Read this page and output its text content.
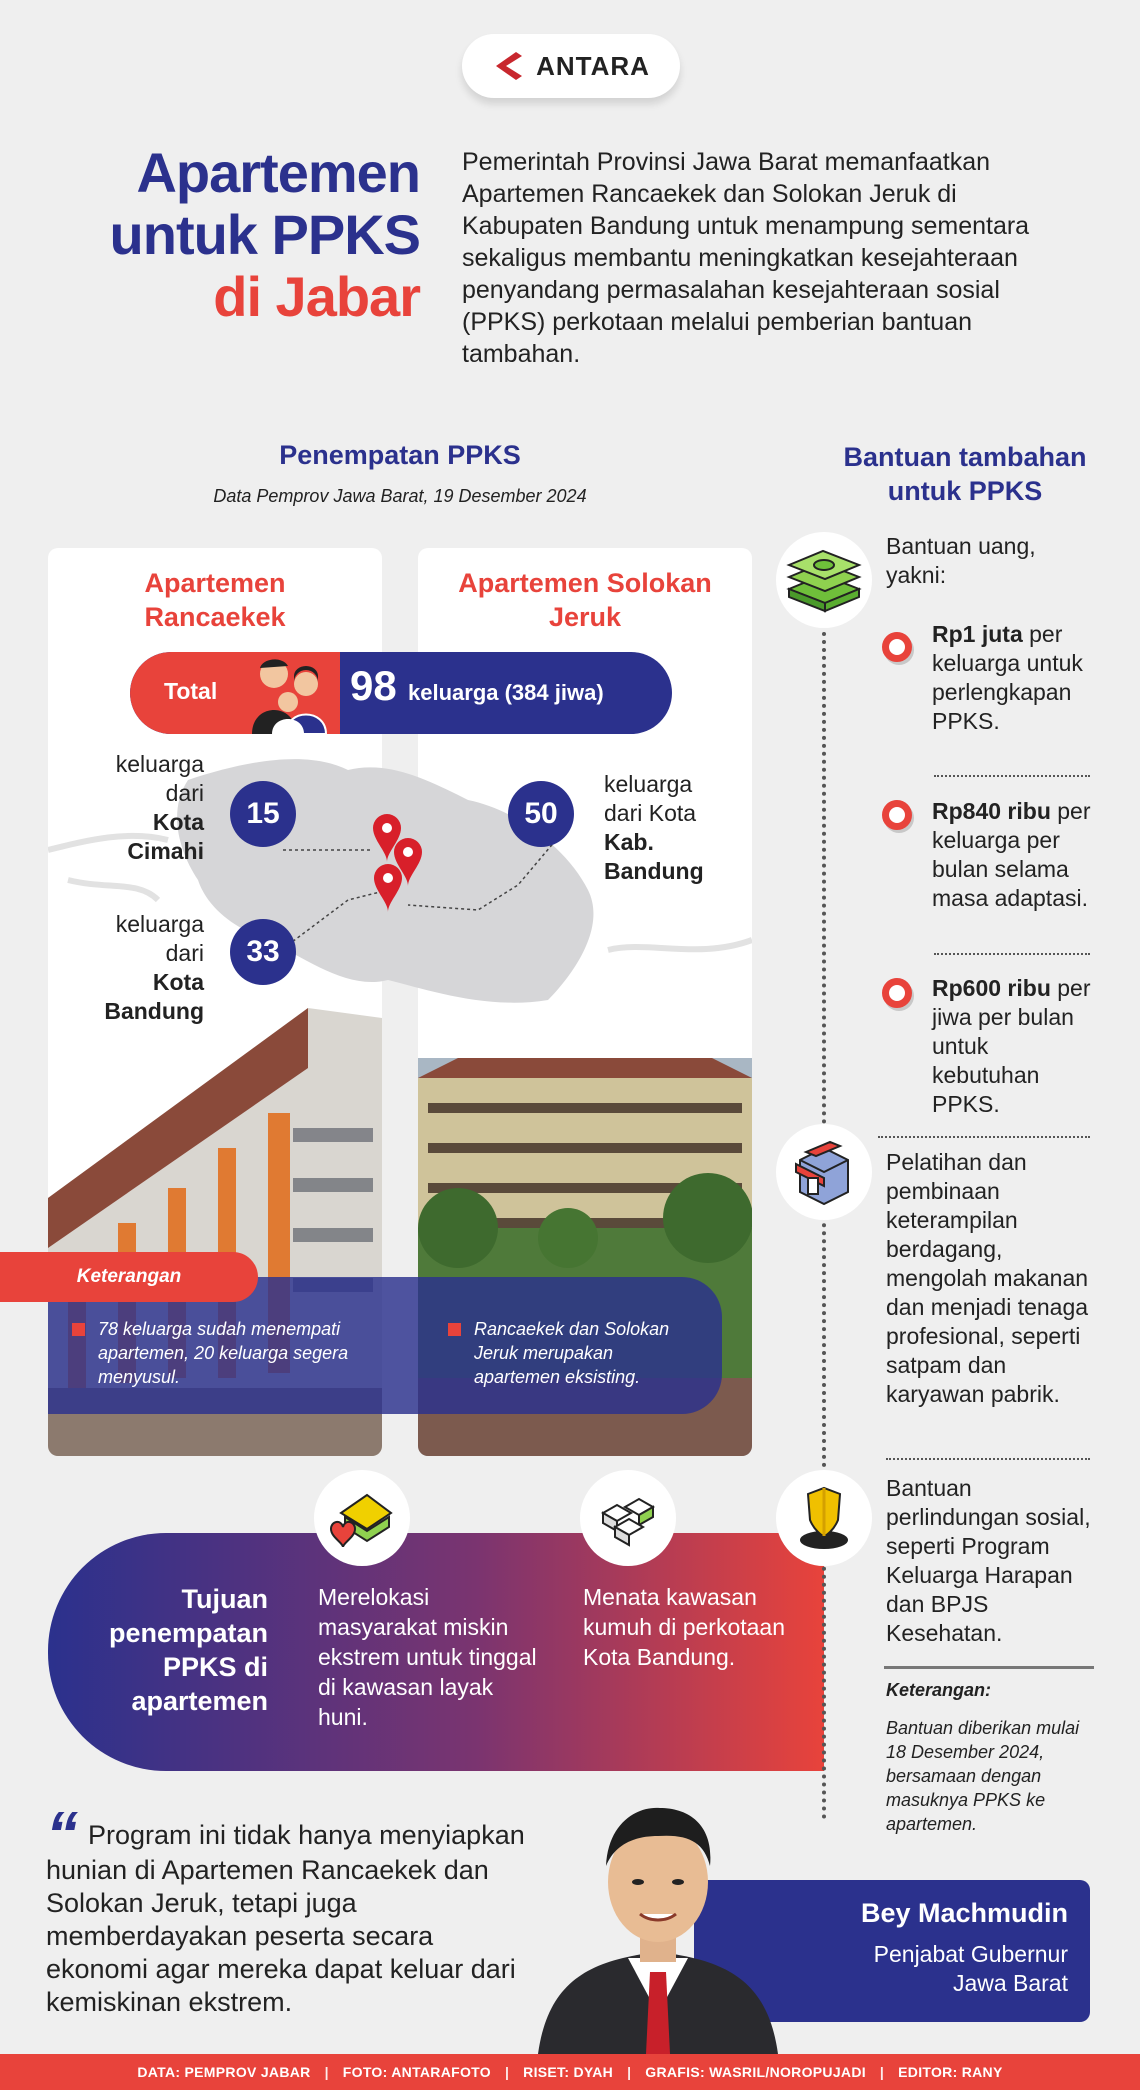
ANTARA
Apartemen
untuk PPKS
di Jabar

Pemerintah Provinsi Jawa Barat memanfaatkan Apartemen Rancaekek dan Solokan Jeruk di Kabupaten Bandung untuk menampung sementara sekaligus membantu meningkatkan kesejahteraan penyandang permasalahan kesejahteraan sosial (PPKS) perkotaan melalui pemberian bantuan tambahan.

Penempatan PPKS
Data Pemprov Jawa Barat, 19 Desember 2024
Apartemen Rancaekek
Apartemen Solokan Jeruk
Total	98 keluarga (384 jiwa)
keluarga dari
Kota Cimahi
15
keluarga dari
Kota Bandung
33
50
keluarga dari Kota
Kab. Bandung
Keterangan
78 keluarga sudah menempati apartemen, 20 keluarga segera menyusul.
Rancaekek dan Solokan Jeruk merupakan apartemen eksisting.
Tujuan penempatan PPKS di apartemen
Merelokasi masyarakat miskin ekstrem untuk tinggal di kawasan layak huni.
Menata kawasan kumuh di perkotaan Kota Bandung.
Bantuan tambahan untuk PPKS
Bantuan uang, yakni:
Rp1 juta per keluarga untuk perlengkapan PPKS.
Rp840 ribu per keluarga per bulan selama masa adaptasi.
Rp600 ribu per jiwa per bulan untuk kebutuhan PPKS.
Pelatihan dan pembinaan keterampilan berdagang, mengolah makanan dan menjadi tenaga profesional, seperti satpam dan karyawan pabrik.
Bantuan perlindungan sosial, seperti Program Keluarga Harapan dan BPJS Kesehatan.
Keterangan:
Bantuan diberikan mulai 18 Desember 2024, bersamaan dengan masuknya PPKS ke apartemen.

“ Program ini tidak hanya menyiapkan hunian di Apartemen Rancaekek dan Solokan Jeruk, tetapi juga memberdayakan peserta secara ekonomi agar mereka dapat keluar dari kemiskinan ekstrem.

Bey Machmudin
Penjabat Gubernur
Jawa Barat
DATA: PEMPROV JABAR | FOTO: ANTARAFOTO | RISET: DYAH | GRAFIS: WASRIL/NOROPUJADI | EDITOR: RANY
